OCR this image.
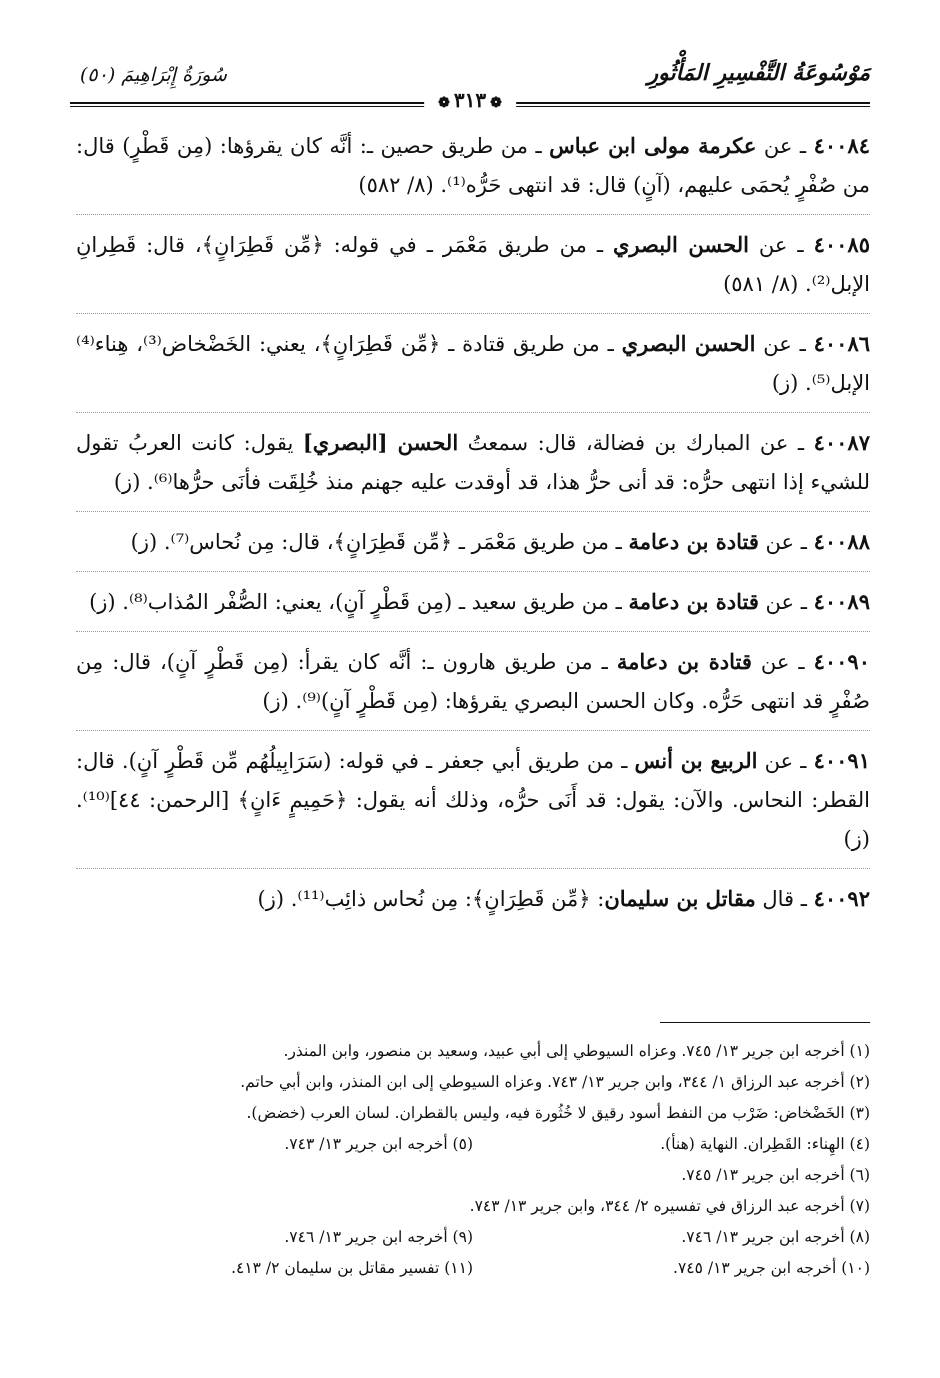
مَوْسُوعَةُ التَّفْسِيرِ المَأْثُورِ
سُورَةُ إِبْرَاهِيمَ (٥٠)
❁٣١٣❁
٤٠٠٨٤ ـ عن عكرمة مولى ابن عباس ـ من طريق حصين ـ: أنَّه كان يقرؤها: (مِن قَطْرٍ) قال: من صُفْرٍ يُحمَى عليهم، (آنٍ) قال: قد انتهى حَرُّه⁽¹⁾. (٨/ ٥٨٢)
٤٠٠٨٥ ـ عن الحسن البصري ـ من طريق مَعْمَر ـ في قوله: ﴿مِّن قَطِرَانٍ﴾، قال: قَطِرانِ الإبل⁽²⁾. (٨/ ٥٨١)
٤٠٠٨٦ ـ عن الحسن البصري ـ من طريق قتادة ـ ﴿مِّن قَطِرَانٍ﴾، يعني: الخَضْخاض⁽³⁾، هِناء⁽⁴⁾ الإبل⁽⁵⁾. (ز)
٤٠٠٨٧ ـ عن المبارك بن فضالة، قال: سمعتُ الحسن [البصري] يقول: كانت العربُ تقول للشيء إذا انتهى حرُّه: قد أنى حرُّ هذا، قد أوقدت عليه جهنم منذ خُلِقَت فأنَى حرُّها⁽⁶⁾. (ز)
٤٠٠٨٨ ـ عن قتادة بن دعامة ـ من طريق مَعْمَر ـ ﴿مِّن قَطِرَانٍ﴾، قال: مِن نُحاس⁽⁷⁾. (ز)
٤٠٠٨٩ ـ عن قتادة بن دعامة ـ من طريق سعيد ـ (مِن قَطْرٍ آنٍ)، يعني: الصُّفْر المُذاب⁽⁸⁾. (ز)
٤٠٠٩٠ ـ عن قتادة بن دعامة ـ من طريق هارون ـ: أنَّه كان يقرأ: (مِن قَطْرٍ آنٍ)، قال: مِن صُفْرٍ قد انتهى حَرُّه. وكان الحسن البصري يقرؤها: (مِن قَطْرٍ آنٍ)⁽⁹⁾. (ز)
٤٠٠٩١ ـ عن الربيع بن أنس ـ من طريق أبي جعفر ـ في قوله: (سَرَابِيلُهُم مِّن قَطْرٍ آنٍ). قال: القطر: النحاس. والآن: يقول: قد أَنَى حرُّه، وذلك أنه يقول: ﴿حَمِيمٍ ءَانٍ﴾ [الرحمن: ٤٤]⁽¹⁰⁾. (ز)
٤٠٠٩٢ ـ قال مقاتل بن سليمان: ﴿مِّن قَطِرَانٍ﴾: مِن نُحاس ذائِب⁽¹¹⁾. (ز)
(١) أخرجه ابن جرير ١٣/ ٧٤٥. وعزاه السيوطي إلى أبي عبيد، وسعيد بن منصور، وابن المنذر.
(٢) أخرجه عبد الرزاق ١/ ٣٤٤، وابن جرير ١٣/ ٧٤٣. وعزاه السيوطي إلى ابن المنذر، وابن أبي حاتم.
(٣) الخَضْخاض: ضَرْب من النفط أسود رقيق لا خُثُورة فيه، وليس بالقطران. لسان العرب (خضض).
(٤) الهِناء: القَطِران. النهاية (هنأ).
(٥) أخرجه ابن جرير ١٣/ ٧٤٣.
(٦) أخرجه ابن جرير ١٣/ ٧٤٥.
(٧) أخرجه عبد الرزاق في تفسيره ٢/ ٣٤٤، وابن جرير ١٣/ ٧٤٣.
(٨) أخرجه ابن جرير ١٣/ ٧٤٦.
(٩) أخرجه ابن جرير ١٣/ ٧٤٦.
(١٠) أخرجه ابن جرير ١٣/ ٧٤٥.
(١١) تفسير مقاتل بن سليمان ٢/ ٤١٣.
